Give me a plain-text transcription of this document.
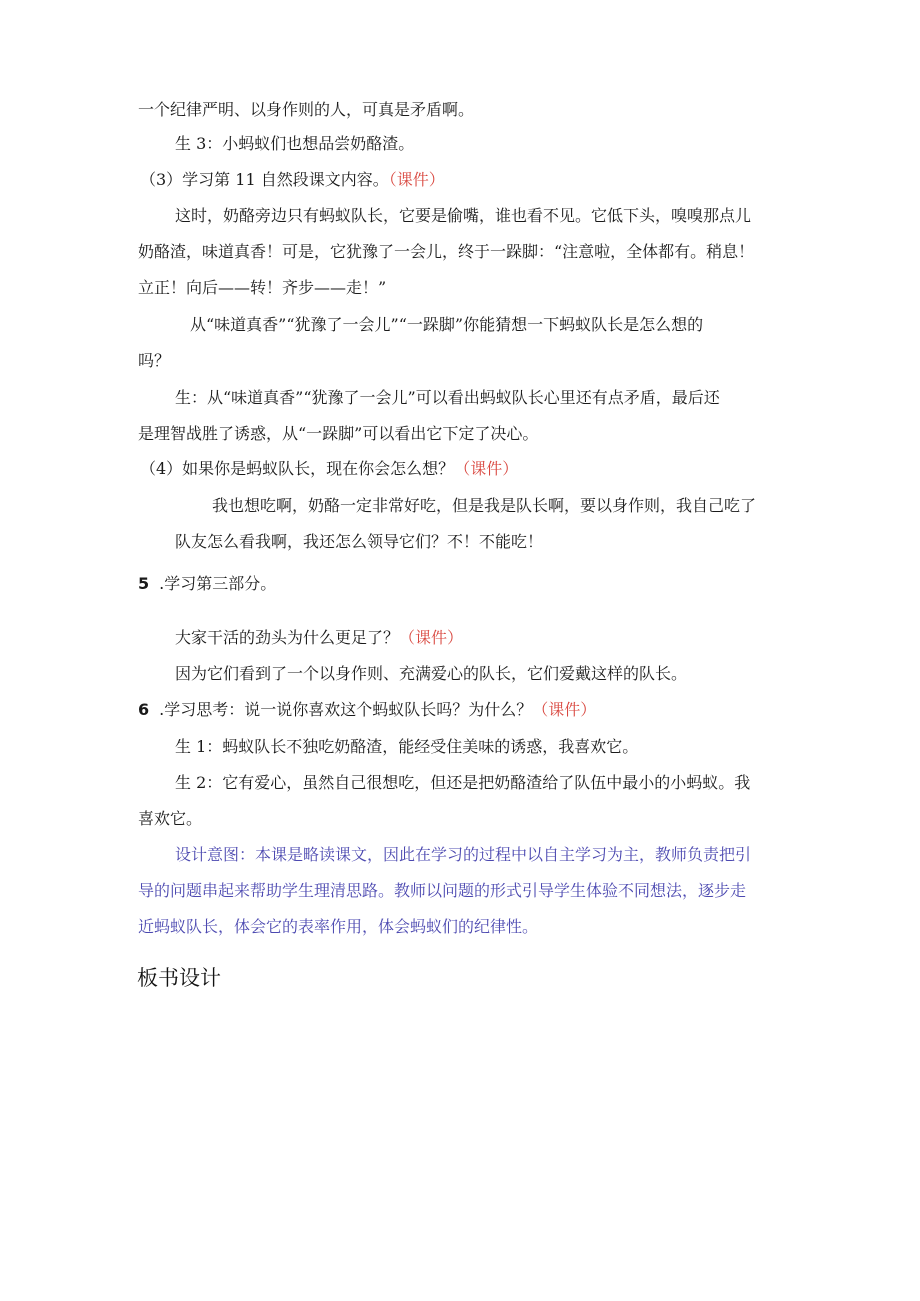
一个纪律严明、以身作则的人，可真是矛盾啊。
生 3：小蚂蚁们也想品尝奶酪渣。
（3）学习第 11 自然段课文内容。（课件）
这时，奶酪旁边只有蚂蚁队长，它要是偷嘴，谁也看不见。它低下头，嗅嗅那点儿
奶酪渣，味道真香！可是，它犹豫了一会儿，终于一跺脚：“注意啦，全体都有。稍息！
立正！向后——转！齐步——走！”
从“味道真香”“犹豫了一会儿”“一跺脚”你能猜想一下蚂蚁队长是怎么想的
吗？
生：从“味道真香”“犹豫了一会儿”可以看出蚂蚁队长心里还有点矛盾，最后还
是理智战胜了诱惑，从“一跺脚”可以看出它下定了决心。
（4）如果你是蚂蚁队长，现在你会怎么想？（课件）
我也想吃啊，奶酪一定非常好吃，但是我是队长啊，要以身作则，我自己吃了
队友怎么看我啊，我还怎么领导它们？不！不能吃！
5 .学习第三部分。
大家干活的劲头为什么更足了？（课件）
因为它们看到了一个以身作则、充满爱心的队长，它们爱戴这样的队长。
6 .学习思考：说一说你喜欢这个蚂蚁队长吗？为什么？（课件）
生 1：蚂蚁队长不独吃奶酪渣，能经受住美味的诱惑，我喜欢它。
生 2：它有爱心，虽然自己很想吃，但还是把奶酪渣给了队伍中最小的小蚂蚁。我
喜欢它。
设计意图：本课是略读课文，因此在学习的过程中以自主学习为主，教师负责把引
导的问题串起来帮助学生理清思路。教师以问题的形式引导学生体验不同想法，逐步走
近蚂蚁队长，体会它的表率作用，体会蚂蚁们的纪律性。
板书设计
